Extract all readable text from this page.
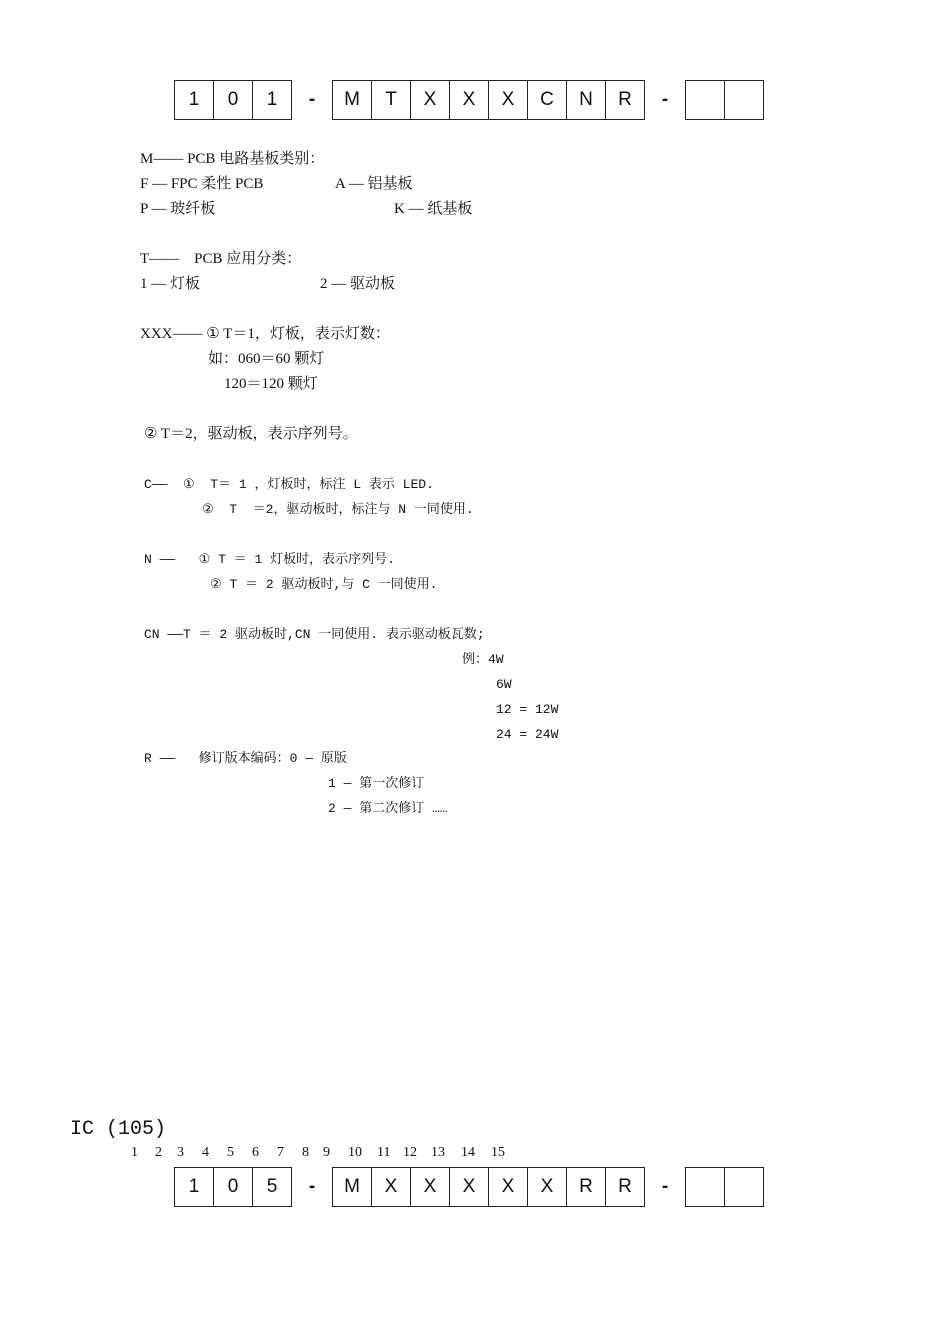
1	0	1	-	M	T	X	X	X	C	N	R	-
M—— PCB 电路基板类别：
F — FPC 柔性 PCB	A — 铝基板
P — 玻纤板	K — 纸基板
T——    PCB 应用分类：
1 — 灯板	2 — 驱动板
XXX—— ① T＝1，灯板，表示灯数：
如：060＝60 颗灯
120＝120 颗灯
② T＝2，驱动板，表示序列号。
C——  ①  T＝ 1 ，灯板时，标注 L 表示 LED.
②  T  ＝2，驱动板时，标注与 N 一同使用.
N ——   ① T ＝ 1 灯板时，表示序列号.
② T ＝ 2 驱动板时,与 C 一同使用.
CN ——T ＝ 2 驱动板时,CN 一同使用. 表示驱动板瓦数;
例：4W
6W
12 = 12W
24 = 24W
R ——   修订版本编码：0 — 原版
1 — 第一次修订
2 — 第二次修订 ……
IC (105)
1 2 3 4 5 6 7 8 9 10 11 12 13 14 15
1	0	5	-	M	X	X	X	X	X	R	R	-
